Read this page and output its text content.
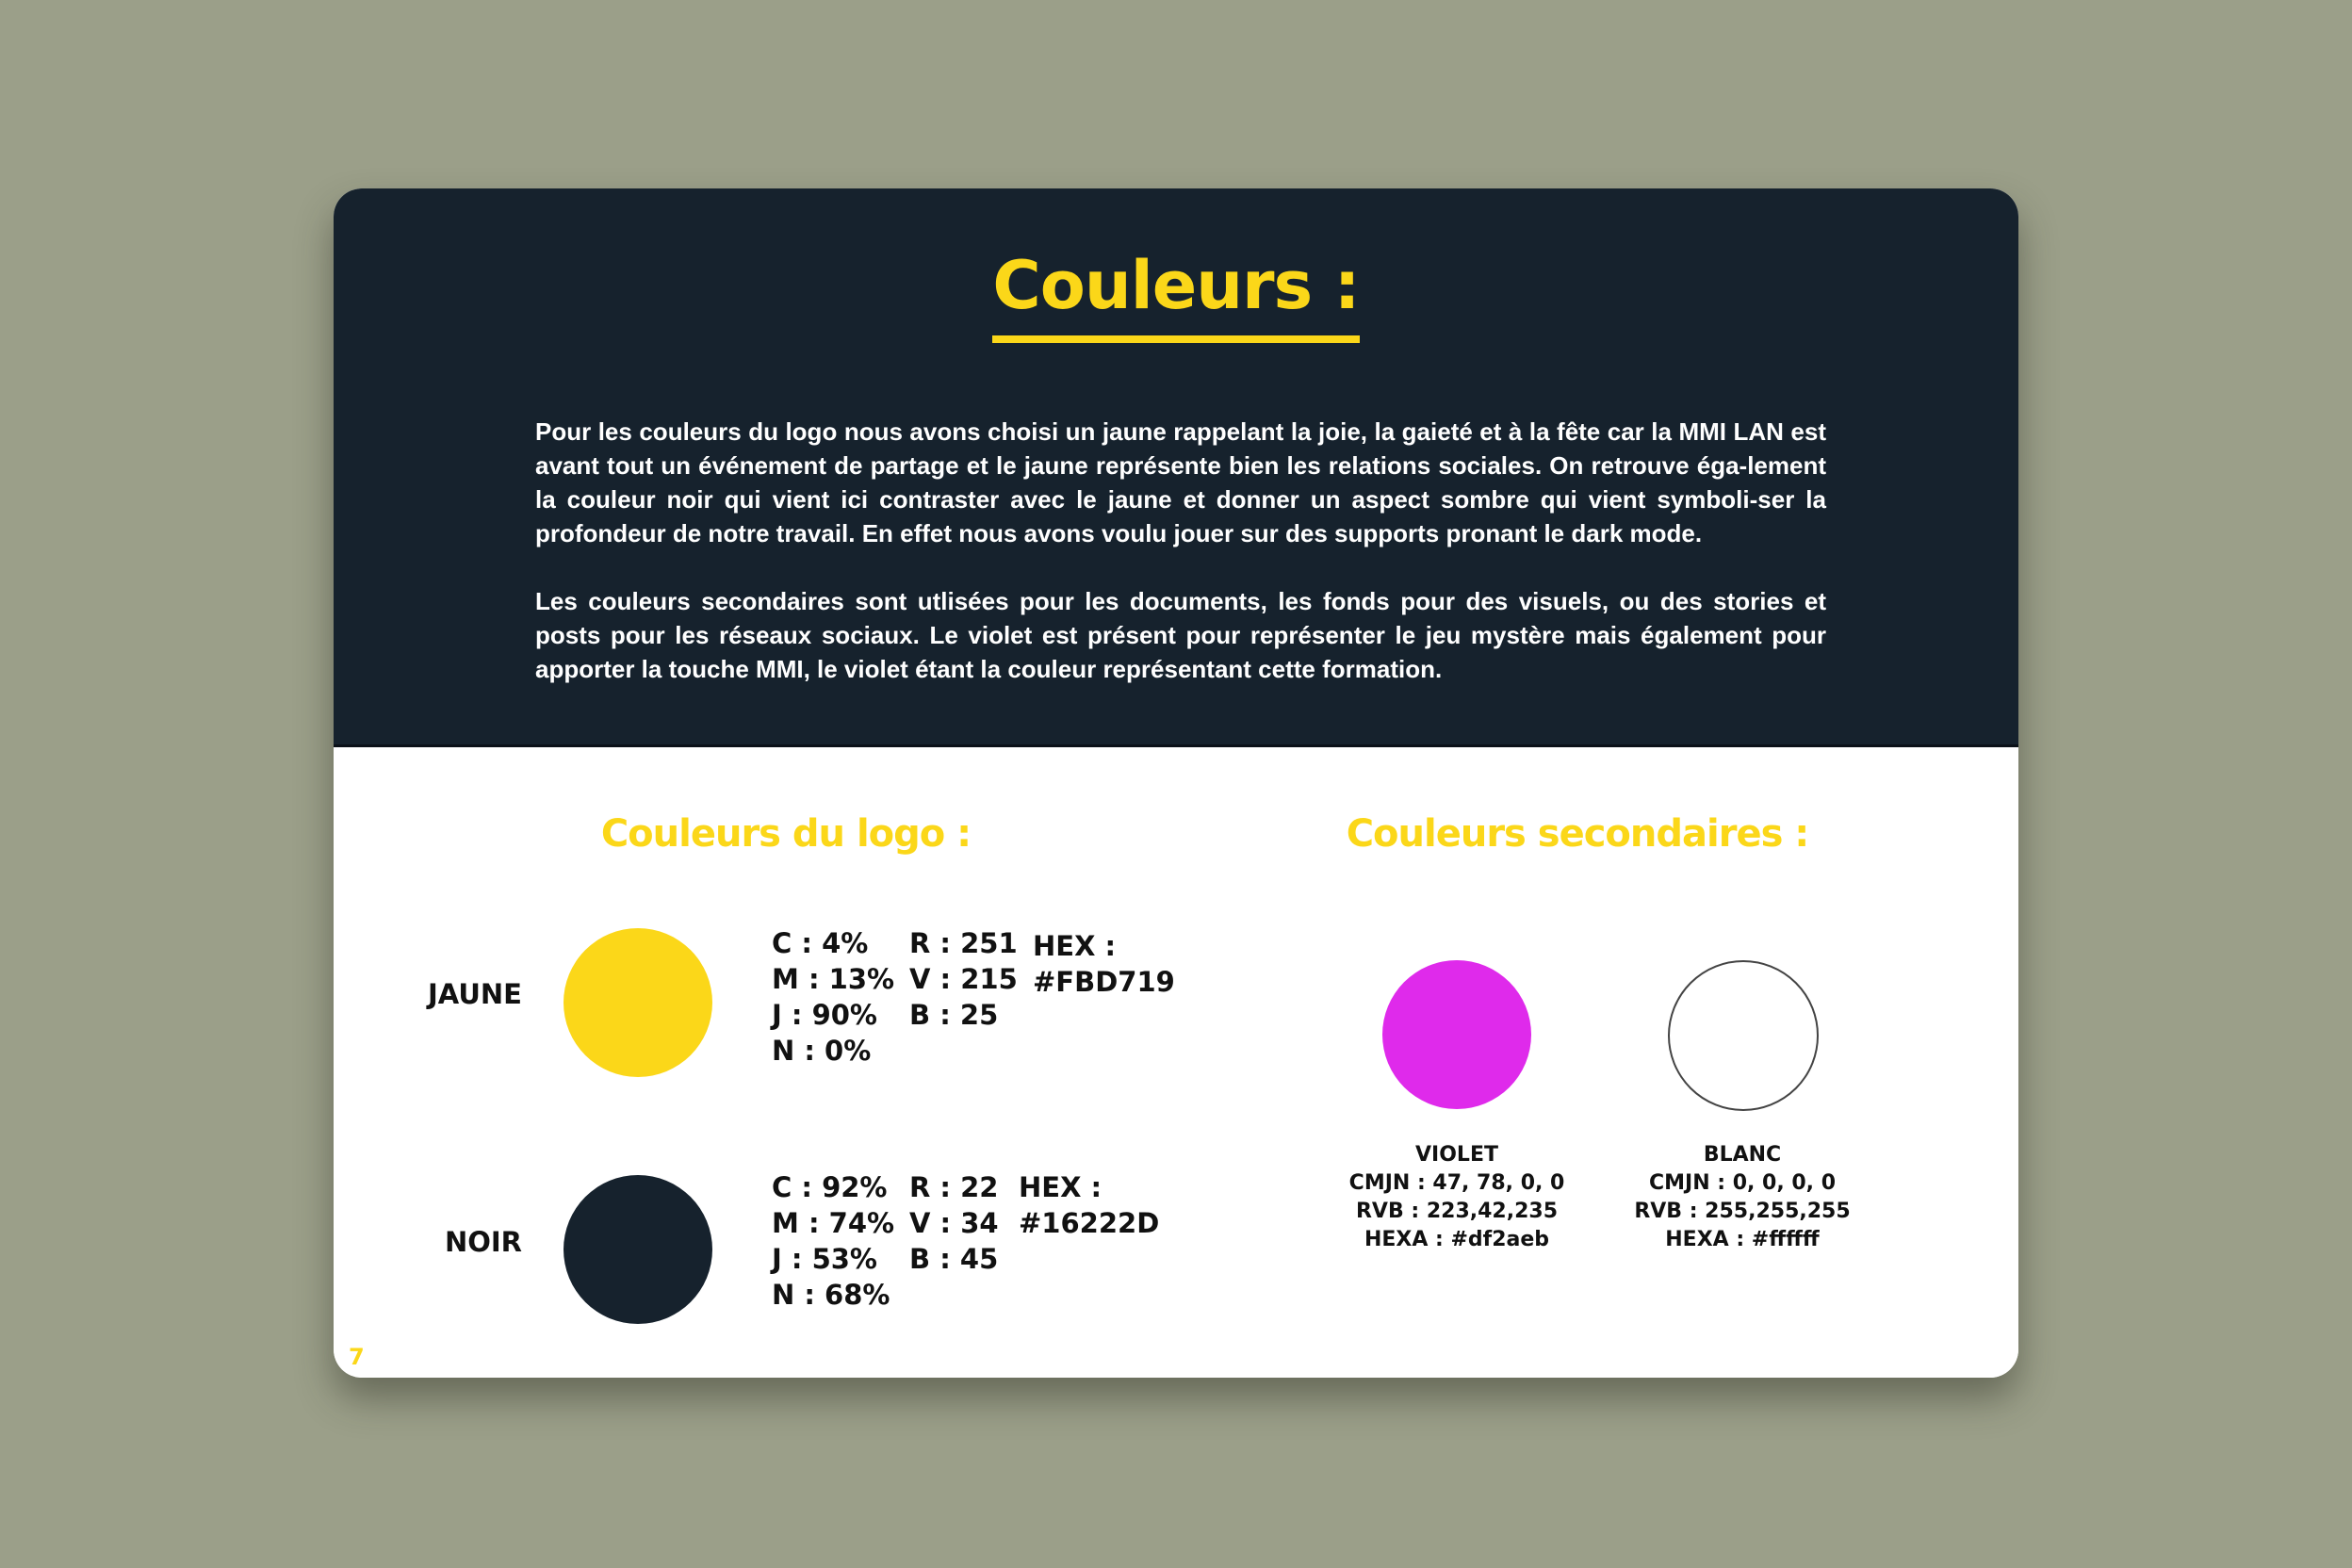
Couleurs :

Pour les couleurs du logo nous avons choisi un jaune rappelant la joie, la gaieté et à la fête car la MMI LAN est avant tout un événement de partage et le jaune représente bien les relations sociales. On retrouve éga-lement la couleur noir qui vient ici contraster avec le jaune et donner un aspect sombre qui vient symboli-ser la profondeur de notre travail. En effet nous avons voulu jouer sur des supports pronant le dark mode.

Les couleurs secondaires sont utlisées pour les documents, les fonds pour des visuels, ou des stories et posts pour les réseaux sociaux. Le violet est présent pour représenter le jeu mystère mais également pour apporter la touche MMI, le violet étant la couleur représentant cette formation.

Couleurs du logo :
JAUNE
C : 4%
M : 13%
J : 90%
N : 0%
R : 251
V : 215
B : 25
HEX :
#FBD719
NOIR
C : 92%
M : 74%
J : 53%
N : 68%
R : 22
V : 34
B : 45
HEX :
#16222D
Couleurs secondaires :
VIOLET
CMJN : 47, 78, 0, 0
RVB : 223,42,235
HEXA : #df2aeb
BLANC
CMJN : 0, 0, 0, 0
RVB : 255,255,255
HEXA : #ffffff
7
